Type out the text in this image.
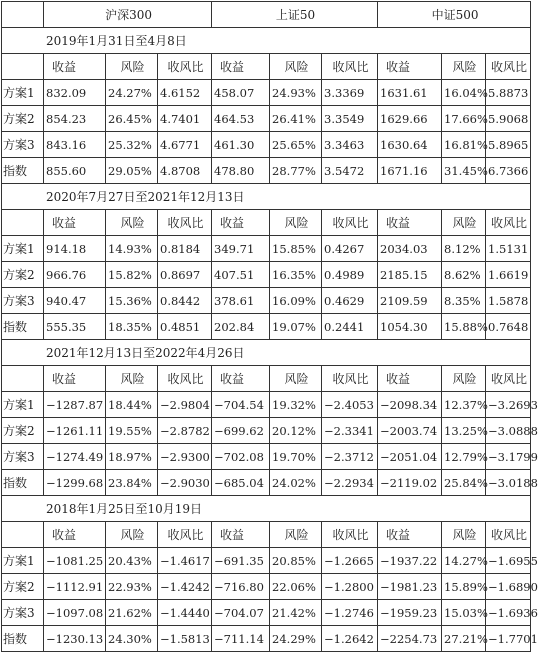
	沪深300			上证50			中证500		
2019年1月31日至4月8日									
	收益	风险	收风比	收益	风险	收风比	收益	风险	收风比
方案1	832.09	24.27%	4.6152	458.07	24.93%	3.3369	1631.61	16.04%	5.8873
方案2	854.23	26.45%	4.7401	464.53	26.41%	3.3549	1629.66	17.66%	5.9068
方案3	843.16	25.32%	4.6771	461.30	25.65%	3.3463	1630.64	16.81%	5.8965
指数	855.60	29.05%	4.8708	478.80	28.77%	3.5472	1671.16	31.45%	6.7366
2020年7月27日至2021年12月13日									
	收益	风险	收风比	收益	风险	收风比	收益	风险	收风比
方案1	914.18	14.93%	0.8184	349.71	15.85%	0.4267	2034.03	8.12%	1.5131
方案2	966.76	15.82%	0.8697	407.51	16.35%	0.4989	2185.15	8.62%	1.6619
方案3	940.47	15.36%	0.8442	378.61	16.09%	0.4629	2109.59	8.35%	1.5878
指数	555.35	18.35%	0.4851	202.84	19.07%	0.2441	1054.30	15.88%	0.7648
2021年12月13日至2022年4月26日									
	收益	风险	收风比	收益	风险	收风比	收益	风险	收风比
方案1	−1287.87	18.44%	−2.9804	−704.54	19.32%	−2.4053	−2098.34	12.37%	−3.2693
方案2	−1261.11	19.55%	−2.8782	−699.62	20.12%	−2.3341	−2003.74	13.25%	−3.0888
方案3	−1274.49	18.97%	−2.9300	−702.08	19.70%	−2.3712	−2051.04	12.79%	−3.1799
指数	−1299.68	23.84%	−2.9030	−685.04	24.02%	−2.2934	−2119.02	25.84%	−3.0188
2018年1月25日至10月19日									
	收益	风险	收风比	收益	风险	收风比	收益	风险	收风比
方案1	−1081.25	20.43%	−1.4617	−691.35	20.85%	−1.2665	−1937.22	14.27%	−1.6955
方案2	−1112.91	22.93%	−1.4242	−716.80	22.06%	−1.2800	−1981.23	15.89%	−1.6890
方案3	−1097.08	21.62%	−1.4440	−704.07	21.42%	−1.2746	−1959.23	15.03%	−1.6936
指数	−1230.13	24.30%	−1.5813	−711.14	24.29%	−1.2642	−2254.73	27.21%	−1.7701
